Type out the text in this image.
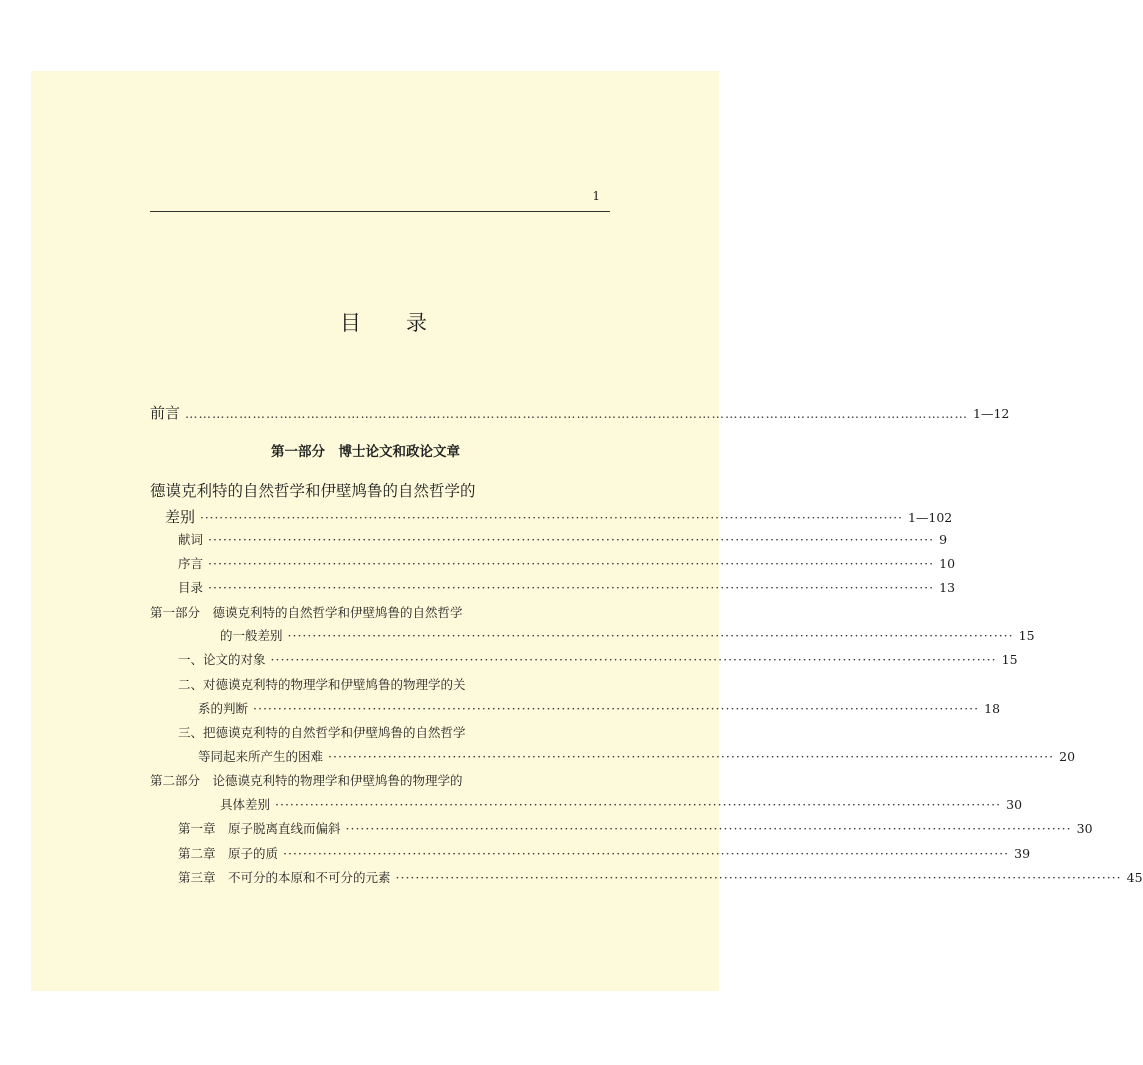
1
目 录
前言 ………………………………………………………………………………………………………………………………………………………… 1—12
第一部分　博士论文和政论文章
德谟克利特的自然哲学和伊壁鸠鲁的自然哲学的
差别 ·················································································································································· 1—102
献词 ·················································································································································· 9
序言 ·················································································································································· 10
目录 ·················································································································································· 13
第一部分　德谟克利特的自然哲学和伊壁鸠鲁的自然哲学
的一般差别 ·················································································································································· 15
一、论文的对象 ·················································································································································· 15
二、对德谟克利特的物理学和伊壁鸠鲁的物理学的关
系的判断 ·················································································································································· 18
三、把德谟克利特的自然哲学和伊壁鸠鲁的自然哲学
等同起来所产生的困难 ·················································································································································· 20
第二部分　论德谟克利特的物理学和伊壁鸠鲁的物理学的
具体差别 ·················································································································································· 30
第一章　原子脱离直线而偏斜 ·················································································································································· 30
第二章　原子的质 ·················································································································································· 39
第三章　不可分的本原和不可分的元素 ·················································································································································· 45
